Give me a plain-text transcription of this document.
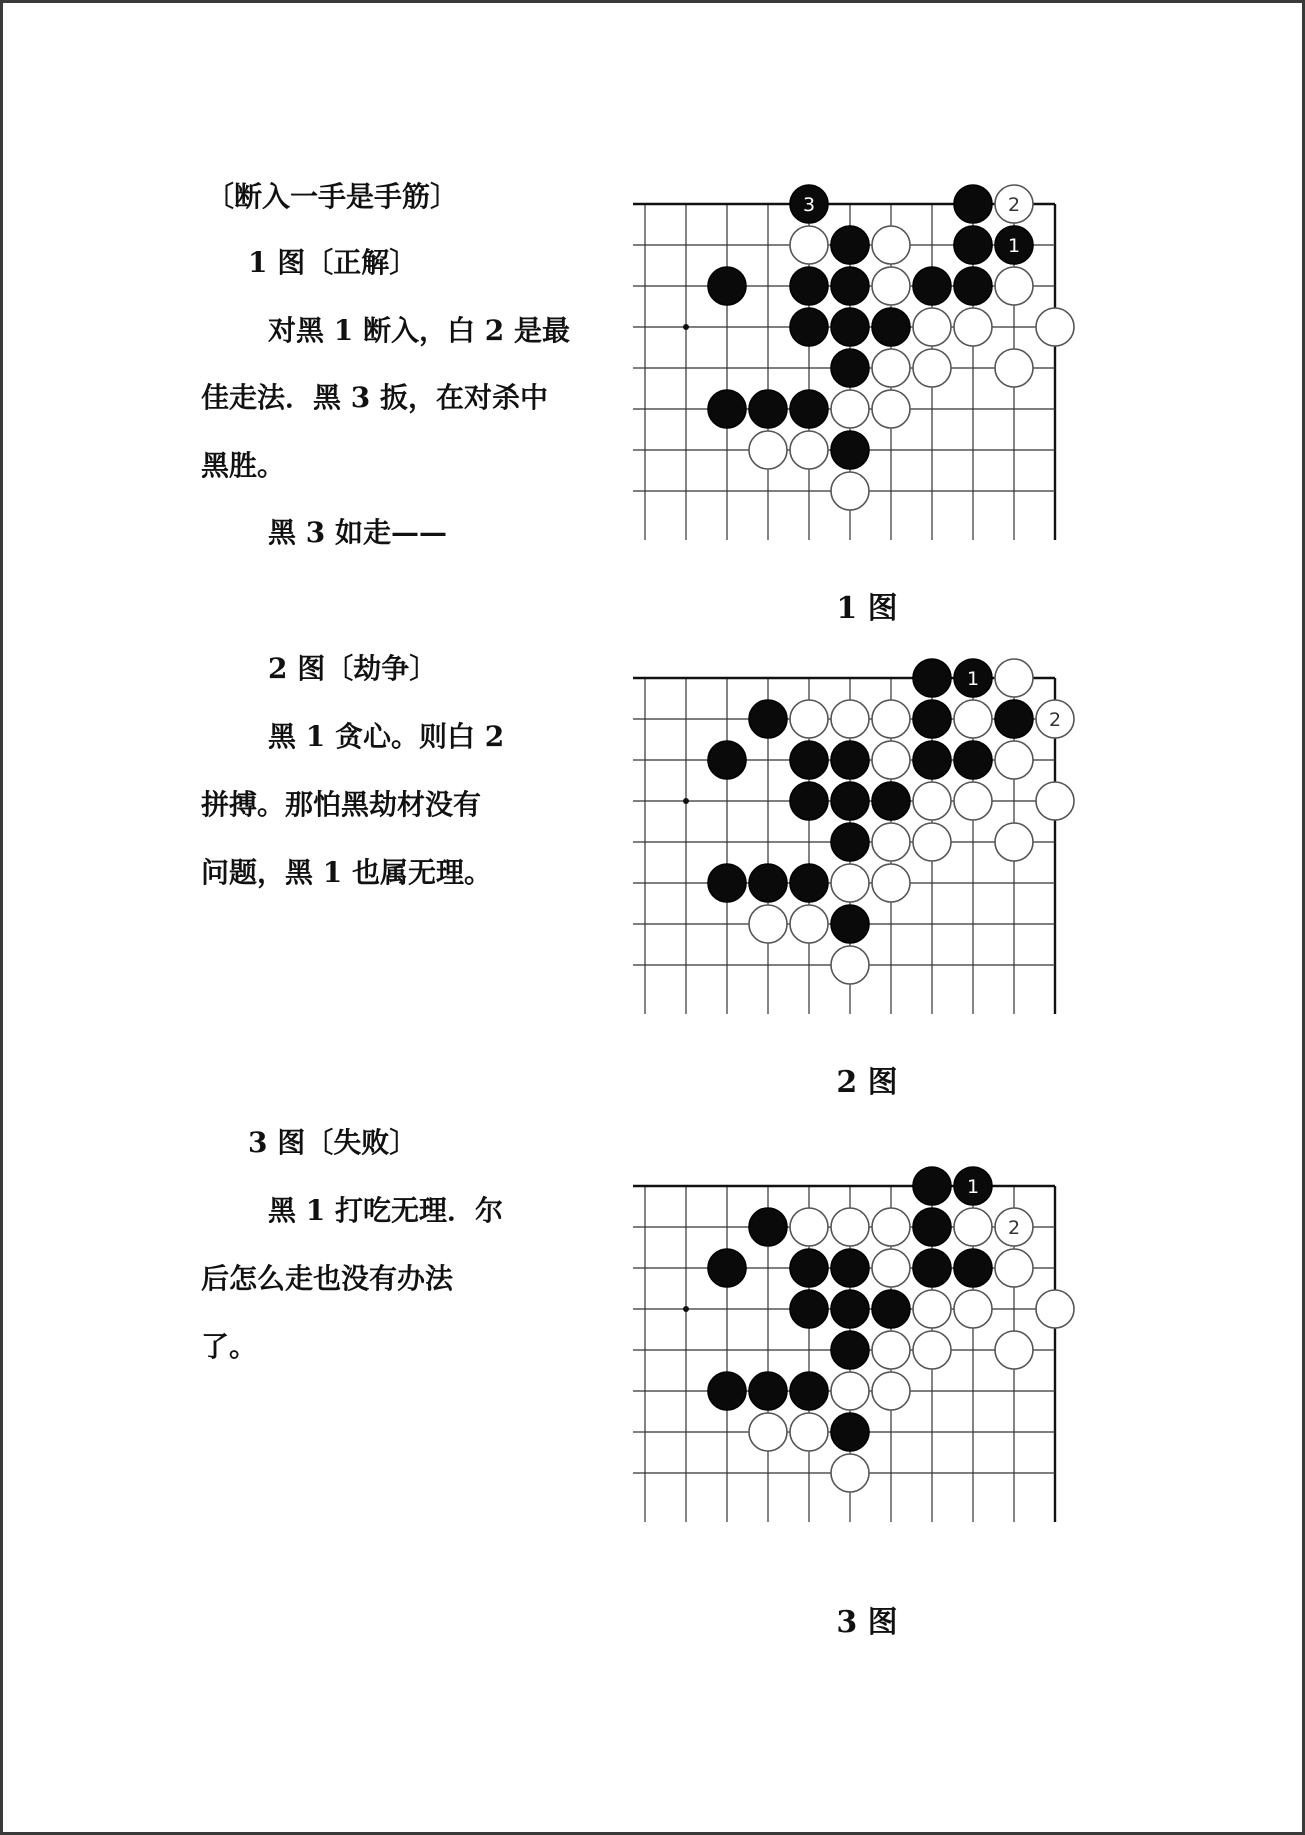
〔断入一手是手筋〕
1 图〔正解〕
对黑 1 断入，白 2 是最
佳走法．黑 3 扳，在对杀中
黑胜。
黑 3 如走——
2 图〔劫争〕
黑 1 贪心。则白 2
拼搏。那怕黑劫材没有
问题，黑 1 也属无理。
3 图〔失败〕
黑 1 打吃无理．尔
后怎么走也没有办法
了。
1 图
2 图
3 图
3	2
1
1
2
1
2
